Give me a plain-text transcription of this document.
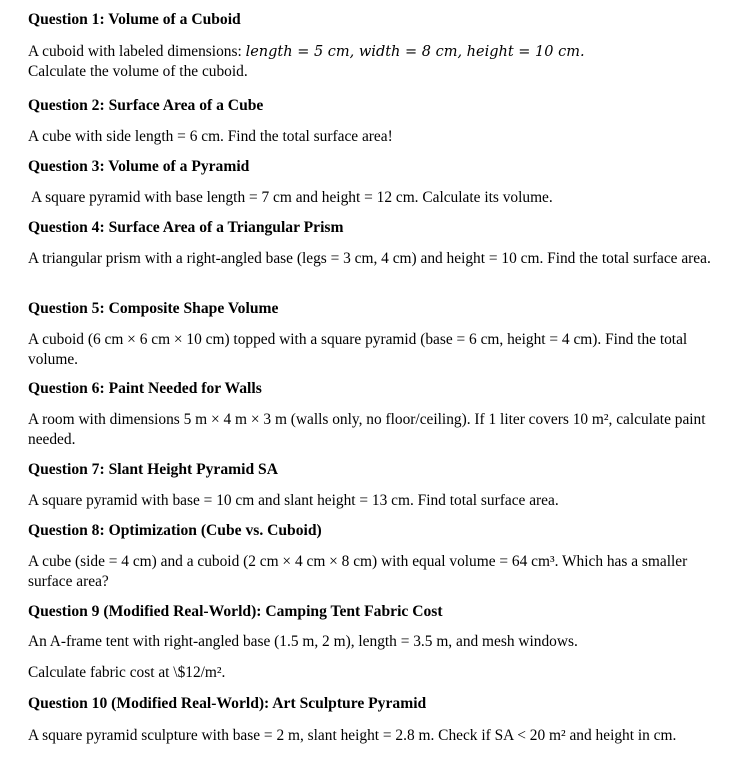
Question 1: Volume of a Cuboid
A cuboid with labeled dimensions: length = 5 cm, width = 8 cm, height = 10 cm.
Calculate the volume of the cuboid.
Question 2: Surface Area of a Cube
A cube with side length = 6 cm. Find the total surface area!
Question 3: Volume of a Pyramid
A square pyramid with base length = 7 cm and height = 12 cm. Calculate its volume.
Question 4: Surface Area of a Triangular Prism
A triangular prism with a right-angled base (legs = 3 cm, 4 cm) and height = 10 cm. Find the total surface area.
Question 5: Composite Shape Volume
A cuboid (6 cm × 6 cm × 10 cm) topped with a square pyramid (base = 6 cm, height = 4 cm). Find the total volume.
Question 6: Paint Needed for Walls
A room with dimensions 5 m × 4 m × 3 m (walls only, no floor/ceiling). If 1 liter covers 10 m², calculate paint needed.
Question 7: Slant Height Pyramid SA
A square pyramid with base = 10 cm and slant height = 13 cm. Find total surface area.
Question 8: Optimization (Cube vs. Cuboid)
A cube (side = 4 cm) and a cuboid (2 cm × 4 cm × 8 cm) with equal volume = 64 cm³. Which has a smaller surface area?
Question 9 (Modified Real-World): Camping Tent Fabric Cost
An A-frame tent with right-angled base (1.5 m, 2 m), length = 3.5 m, and mesh windows.
Calculate fabric cost at \$12/m².
Question 10 (Modified Real-World): Art Sculpture Pyramid
A square pyramid sculpture with base = 2 m, slant height = 2.8 m. Check if SA < 20 m² and height in cm.
